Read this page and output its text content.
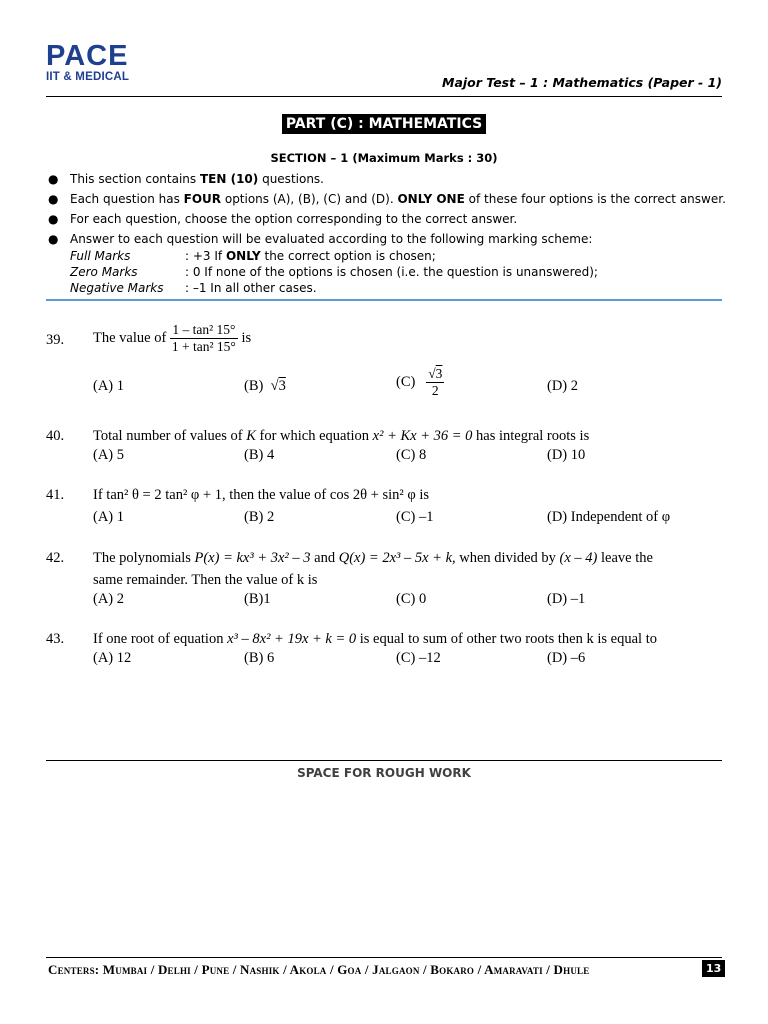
PACE
IIT & MEDICAL	Major Test – 1 : Mathematics (Paper - 1)
PART (C) : MATHEMATICS
SECTION – 1 (Maximum Marks : 30)
● This section contains TEN (10) questions.
● Each question has FOUR options (A), (B), (C) and (D). ONLY ONE of these four options is the correct answer.
● For each question, choose the option corresponding to the correct answer.
● Answer to each question will be evaluated according to the following marking scheme:
Full Marks	: +3 If ONLY the correct option is chosen;
Zero Marks	: 0 If none of the options is chosen (i.e. the question is unanswered);
Negative Marks : –1 In all other cases.
39. The value of $\frac{\text{1 – tan² 15°}}{\text{1 + tan² 15°}}$ is
(A) 1	(B)  √3	$(C) \frac{√3}{2}$	(D) 2
40. Total number of values of K for which equation x² + Kx + 36 = 0 has integral roots is
(A) 5	(B) 4	(C) 8	(D) 10
41. If tan² θ = 2 tan² φ + 1, then the value of cos 2θ + sin² φ is
(A) 1	(B) 2	(C) –1	(D) Independent of φ
42. The polynomials P(x) = kx³ + 3x² – 3 and Q(x) = 2x³ – 5x + k, when divided by (x – 4) leave the
same remainder. Then the value of k is
(A) 2	(B)1	(C) 0	(D) –1
43. If one root of equation x³ – 8x² + 19x + k = 0 is equal to sum of other two roots then k is equal to
(A) 12	(B) 6	(C) –12	(D) –6
SPACE FOR ROUGH WORK
Centers: Mumbai / Delhi / Pune / Nashik / Akola / Goa / Jalgaon / Bokaro / Amaravati / Dhule	13
